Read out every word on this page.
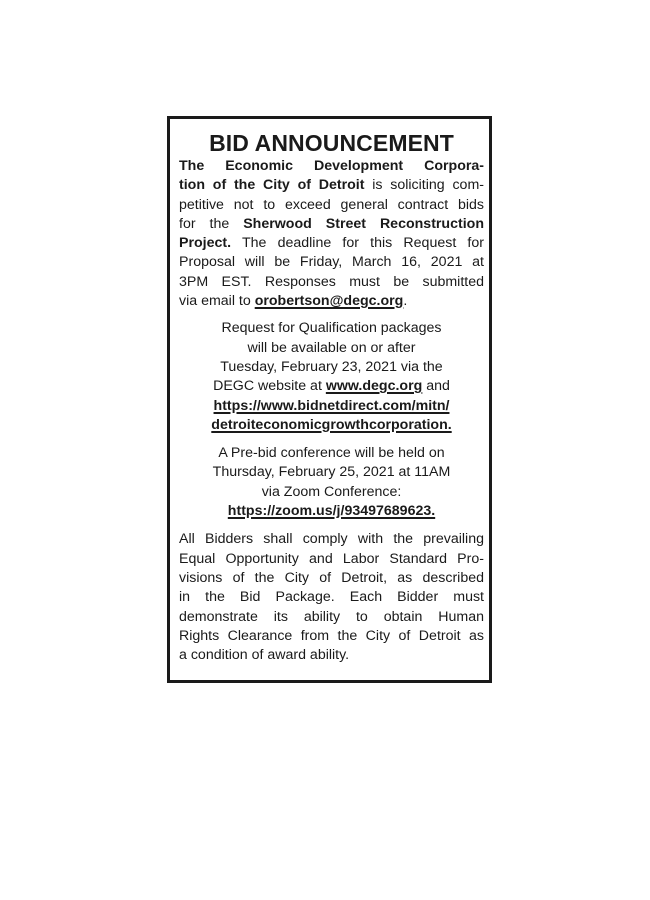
BID ANNOUNCEMENT
The Economic Development Corpora-
tion of the City of Detroit is soliciting com-
petitive not to exceed general contract bids
for the Sherwood Street Reconstruction
Project. The deadline for this Request for
Proposal will be Friday, March 16, 2021 at
3PM EST. Responses must be submitted
via email to orobertson@degc.org.
Request for Qualification packages
will be available on or after
Tuesday, February 23, 2021 via the
DEGC website at www.degc.org and
https://www.bidnetdirect.com/mitn/
detroiteconomicgrowthcorporation.
A Pre-bid conference will be held on
Thursday, February 25, 2021 at 11AM
via Zoom Conference:
https://zoom.us/j/93497689623.
All Bidders shall comply with the prevailing
Equal Opportunity and Labor Standard Pro-
visions of the City of Detroit, as described
in the Bid Package. Each Bidder must
demonstrate its ability to obtain Human
Rights Clearance from the City of Detroit as
a condition of award ability.
